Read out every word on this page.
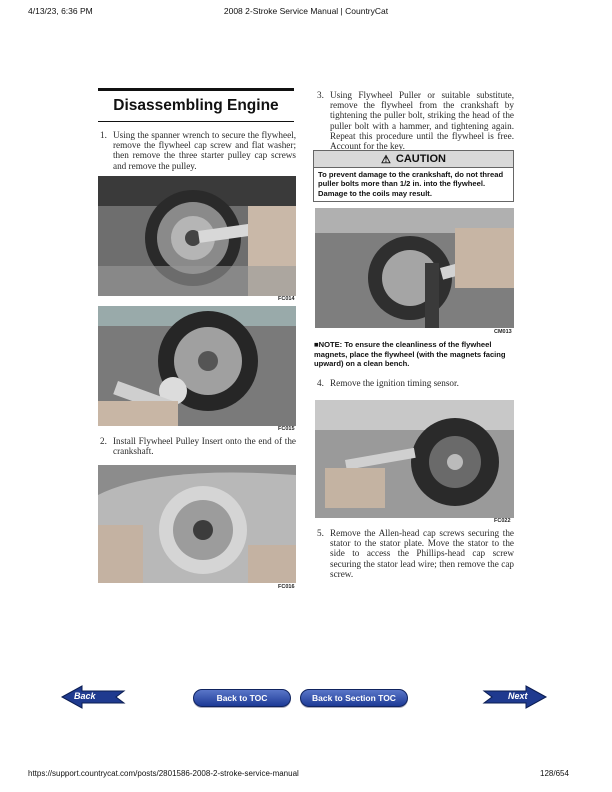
4/13/23, 6:36 PM	2008 2-Stroke Service Manual | CountryCat
Disassembling Engine
1. Using the spanner wrench to secure the flywheel, remove the flywheel cap screw and flat washer; then remove the three starter pulley cap screws and remove the pulley.
FC014
FC015
2. Install Flywheel Pulley Insert onto the end of the crankshaft.
FC016
3. Using Flywheel Puller or suitable substitute, remove the flywheel from the crankshaft by tightening the puller bolt, striking the head of the puller bolt with a hammer, and tightening again. Repeat this procedure until the flywheel is free. Account for the key.
⚠ CAUTION
To prevent damage to the crankshaft, do not thread puller bolts more than 1/2 in. into the flywheel. Damage to the coils may result.
CM013
■NOTE: To ensure the cleanliness of the flywheel magnets, place the flywheel (with the magnets facing upward) on a clean bench.
4. Remove the ignition timing sensor.
FC022
5. Remove the Allen-head cap screws securing the stator to the stator plate. Move the stator to the side to access the Phillips-head cap screw securing the stator lead wire; then remove the cap screw.
Back	Back to TOC	Back to Section TOC	Next
https://support.countrycat.com/posts/2801586-2008-2-stroke-service-manual	128/654
